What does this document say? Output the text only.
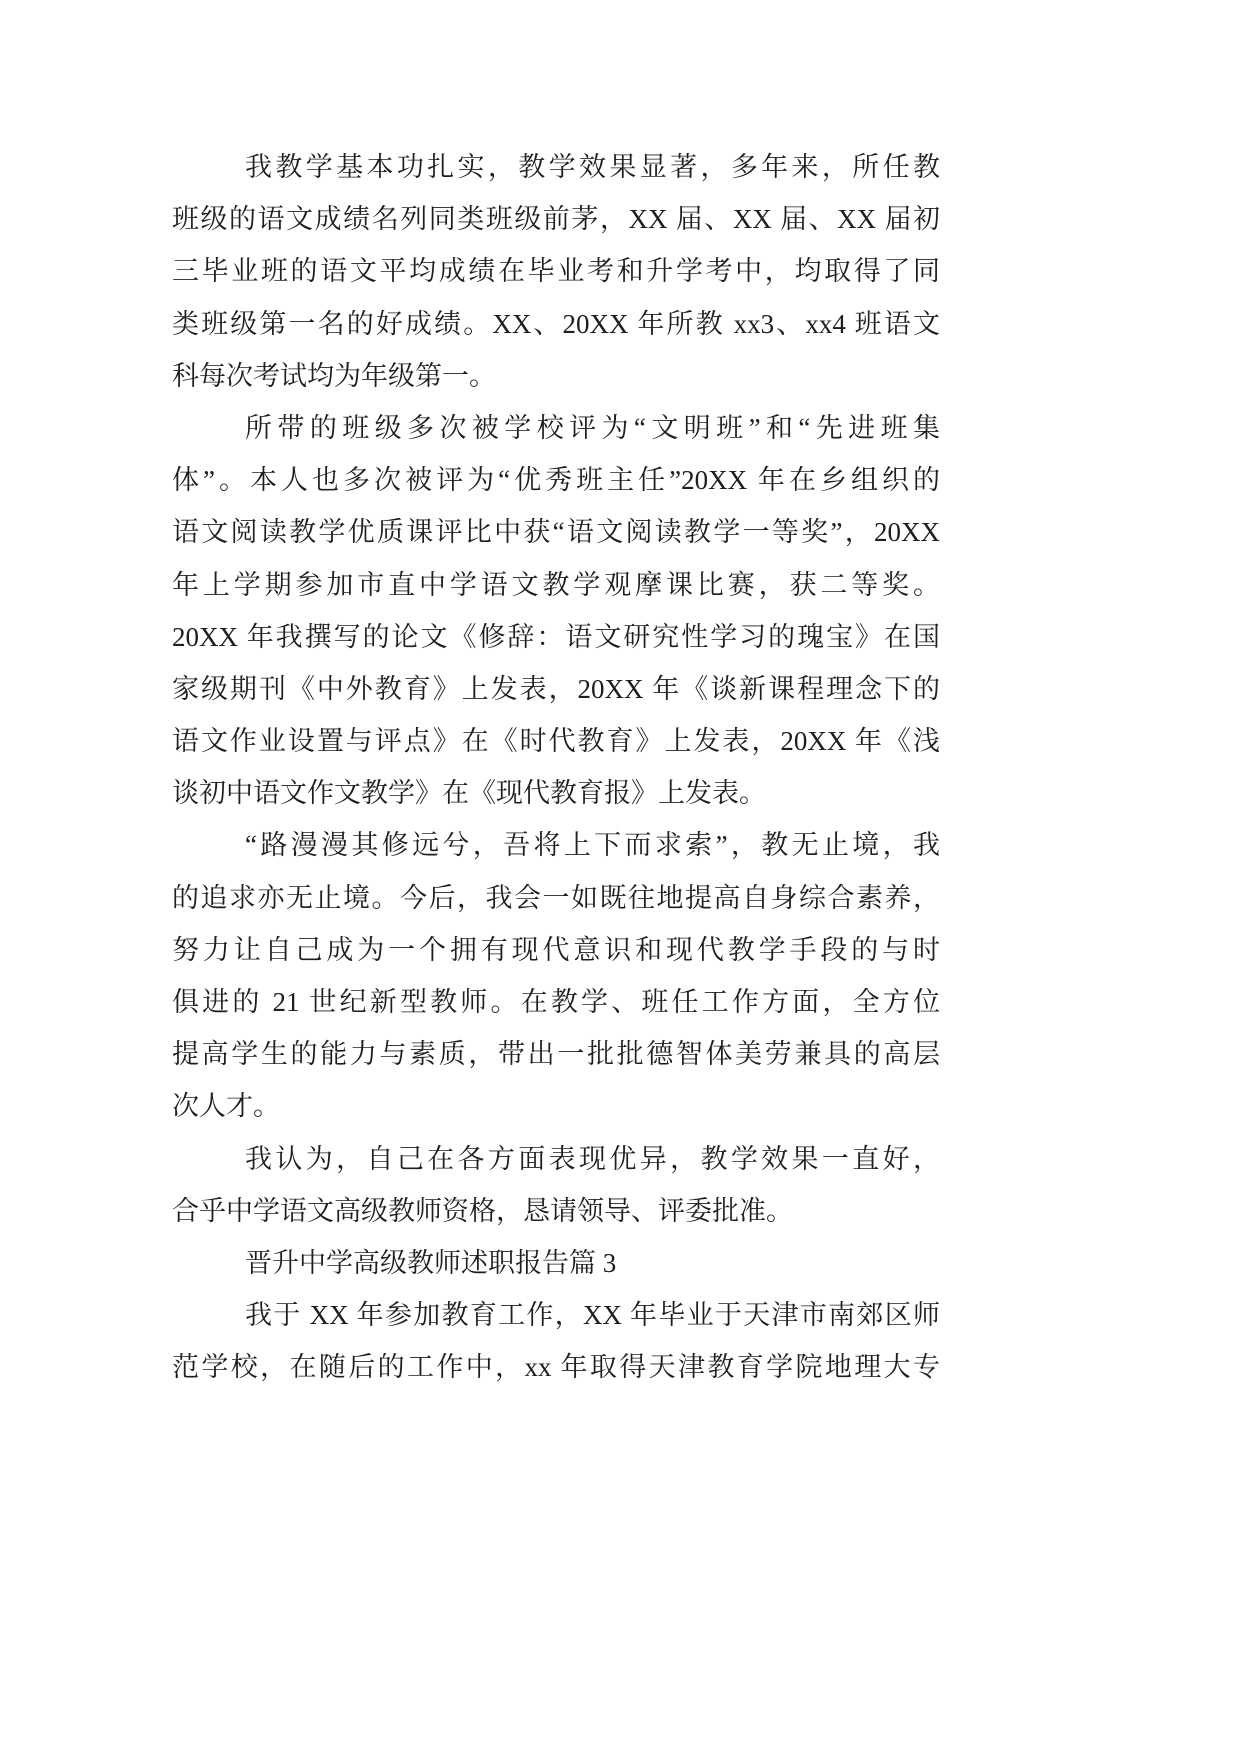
我教学基本功扎实，教学效果显著，多年来，所任教
班级的语文成绩名列同类班级前茅，XX 届、XX 届、XX 届初
三毕业班的语文平均成绩在毕业考和升学考中，均取得了同
类班级第一名的好成绩。XX、20XX 年所教 xx3、xx4 班语文
科每次考试均为年级第一。
所带的班级多次被学校评为“文明班”和“先进班集
体”。本人也多次被评为“优秀班主任”20XX 年在乡组织的
语文阅读教学优质课评比中获“语文阅读教学一等奖”，20XX
年上学期参加市直中学语文教学观摩课比赛，获二等奖。
20XX 年我撰写的论文《修辞：语文研究性学习的瑰宝》在国
家级期刊《中外教育》上发表，20XX 年《谈新课程理念下的
语文作业设置与评点》在《时代教育》上发表，20XX 年《浅
谈初中语文作文教学》在《现代教育报》上发表。
“路漫漫其修远兮，吾将上下而求索”，教无止境，我
的追求亦无止境。今后，我会一如既往地提高自身综合素养，
努力让自己成为一个拥有现代意识和现代教学手段的与时
俱进的 21 世纪新型教师。在教学、班任工作方面，全方位
提高学生的能力与素质，带出一批批德智体美劳兼具的高层
次人才。
我认为，自己在各方面表现优异，教学效果一直好，
合乎中学语文高级教师资格，恳请领导、评委批准。
晋升中学高级教师述职报告篇 3
我于 XX 年参加教育工作，XX 年毕业于天津市南郊区师
范学校，在随后的工作中，xx 年取得天津教育学院地理大专
